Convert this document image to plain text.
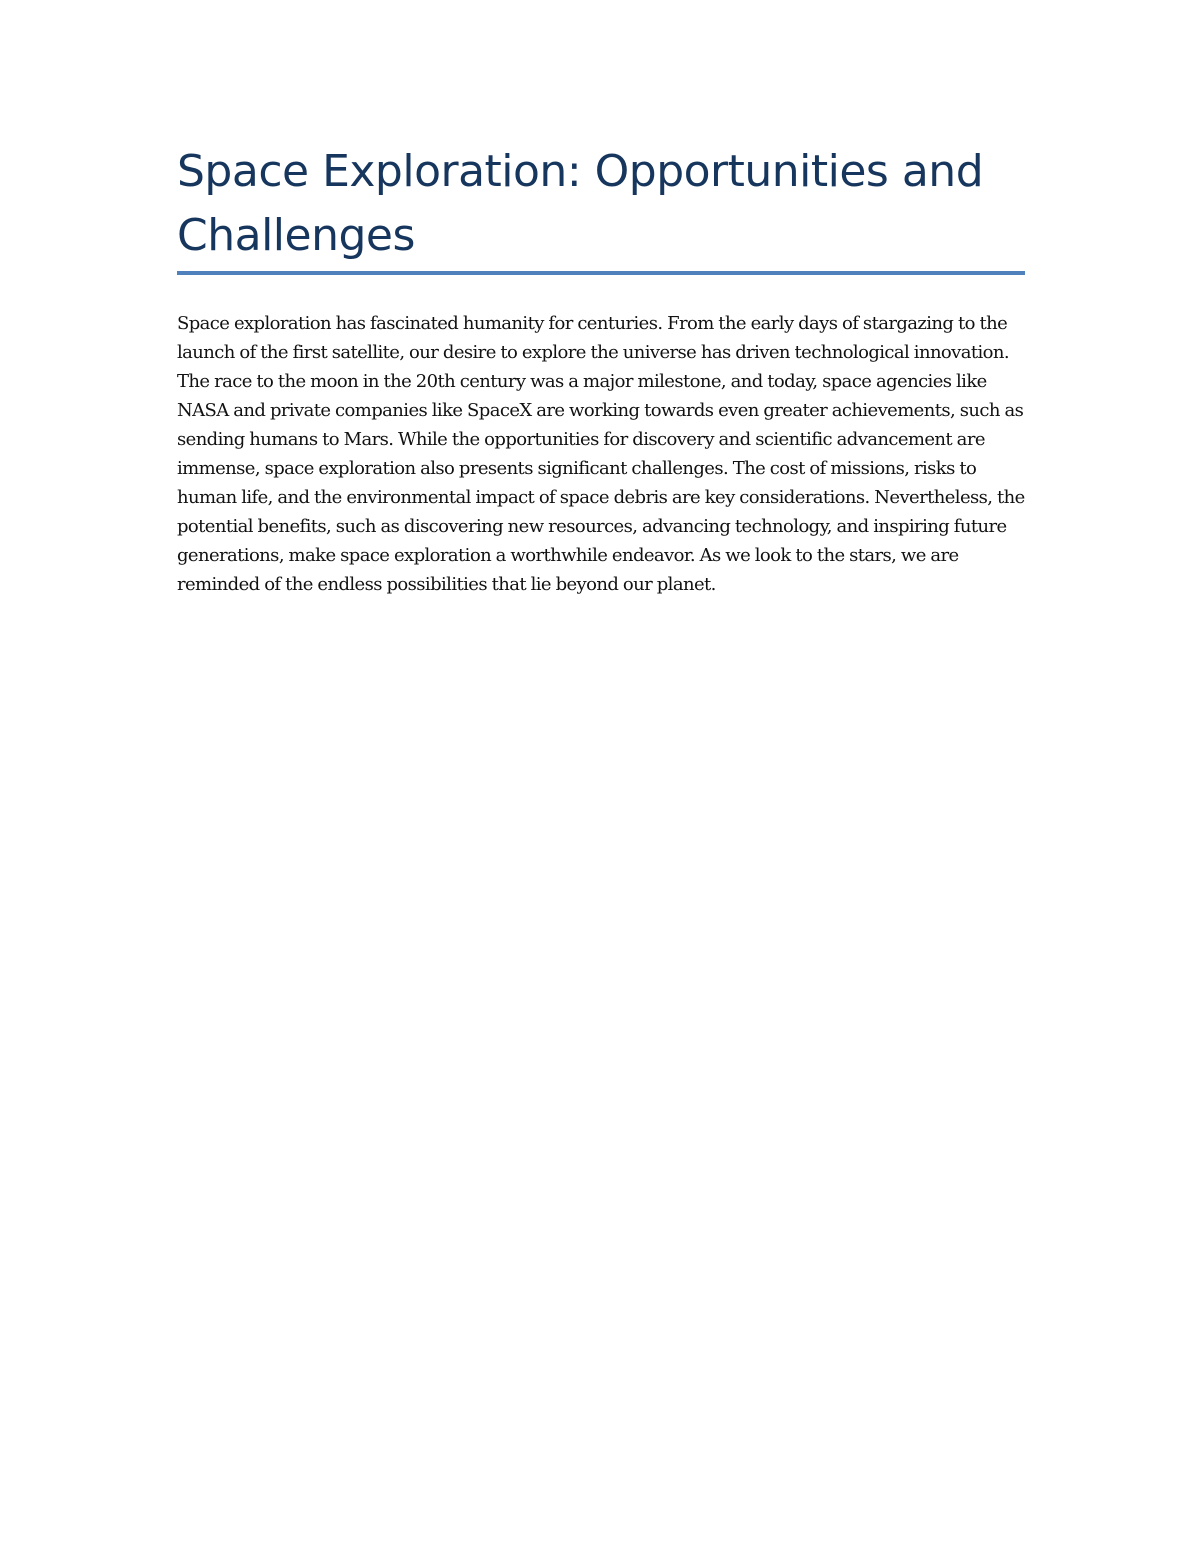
Space Exploration: Opportunities and Challenges

Space exploration has fascinated humanity for centuries. From the early days of stargazing to the launch of the first satellite, our desire to explore the universe has driven technological innovation. The race to the moon in the 20th century was a major milestone, and today, space agencies like NASA and private companies like SpaceX are working towards even greater achievements, such as sending humans to Mars. While the opportunities for discovery and scientific advancement are immense, space exploration also presents significant challenges. The cost of missions, risks to human life, and the environmental impact of space debris are key considerations. Nevertheless, the potential benefits, such as discovering new resources, advancing technology, and inspiring future generations, make space exploration a worthwhile endeavor. As we look to the stars, we are reminded of the endless possibilities that lie beyond our planet.
